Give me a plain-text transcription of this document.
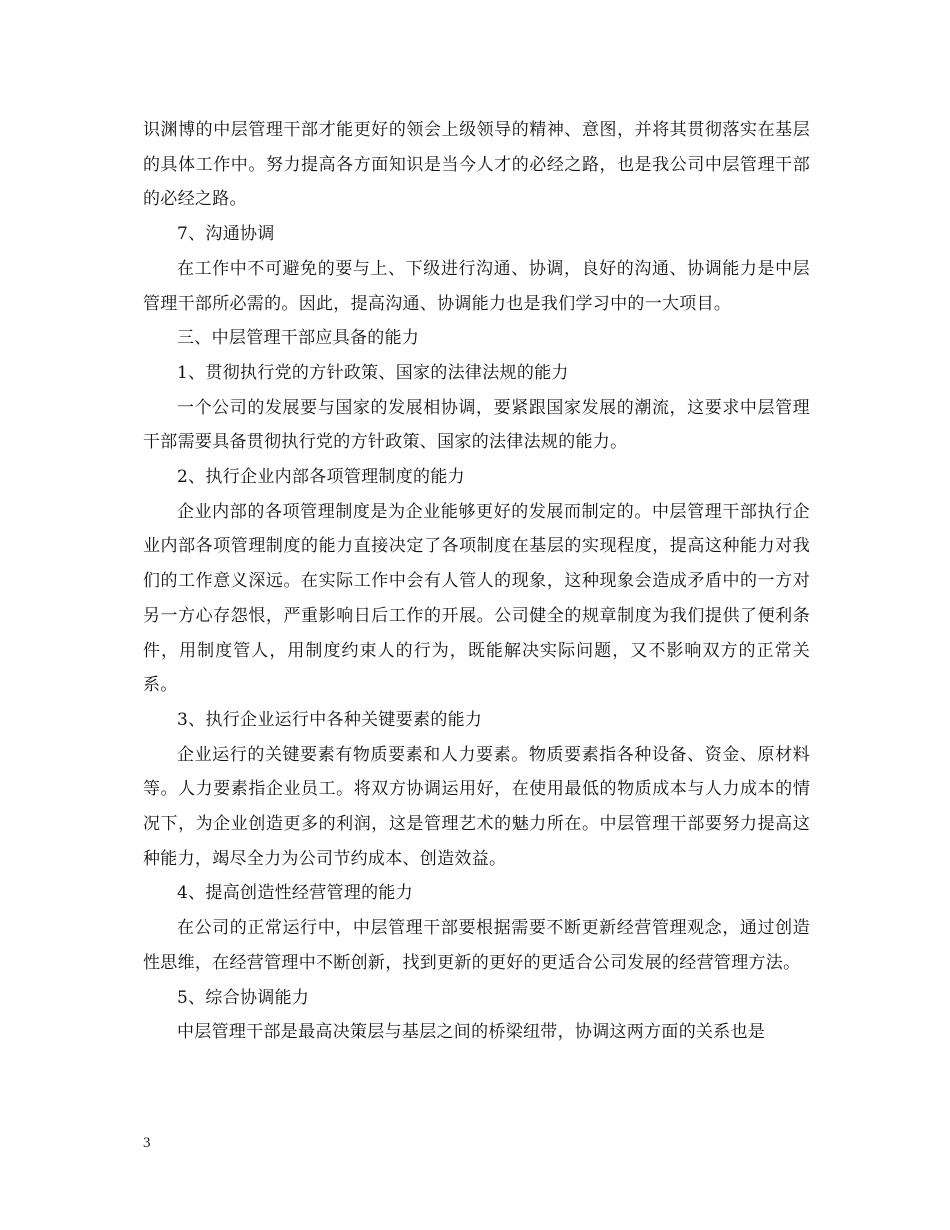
识渊博的中层管理干部才能更好的领会上级领导的精神、意图，并将其贯彻落实在基层的具体工作中。努力提高各方面知识是当今人才的必经之路，也是我公司中层管理干部的必经之路。

7、沟通协调

在工作中不可避免的要与上、下级进行沟通、协调，良好的沟通、协调能力是中层管理干部所必需的。因此，提高沟通、协调能力也是我们学习中的一大项目。

三、中层管理干部应具备的能力

1、贯彻执行党的方针政策、国家的法律法规的能力

一个公司的发展要与国家的发展相协调，要紧跟国家发展的潮流，这要求中层管理干部需要具备贯彻执行党的方针政策、国家的法律法规的能力。

2、执行企业内部各项管理制度的能力

企业内部的各项管理制度是为企业能够更好的发展而制定的。中层管理干部执行企业内部各项管理制度的能力直接决定了各项制度在基层的实现程度，提高这种能力对我们的工作意义深远。在实际工作中会有人管人的现象，这种现象会造成矛盾中的一方对另一方心存怨恨，严重影响日后工作的开展。公司健全的规章制度为我们提供了便利条件，用制度管人，用制度约束人的行为，既能解决实际问题，又不影响双方的正常关系。

3、执行企业运行中各种关键要素的能力

企业运行的关键要素有物质要素和人力要素。物质要素指各种设备、资金、原材料等。人力要素指企业员工。将双方协调运用好，在使用最低的物质成本与人力成本的情况下，为企业创造更多的利润，这是管理艺术的魅力所在。中层管理干部要努力提高这种能力，竭尽全力为公司节约成本、创造效益。

4、提高创造性经营管理的能力

在公司的正常运行中，中层管理干部要根据需要不断更新经营管理观念，通过创造性思维，在经营管理中不断创新，找到更新的更好的更适合公司发展的经营管理方法。

5、综合协调能力

中层管理干部是最高决策层与基层之间的桥梁纽带，协调这两方面的关系也是

3
